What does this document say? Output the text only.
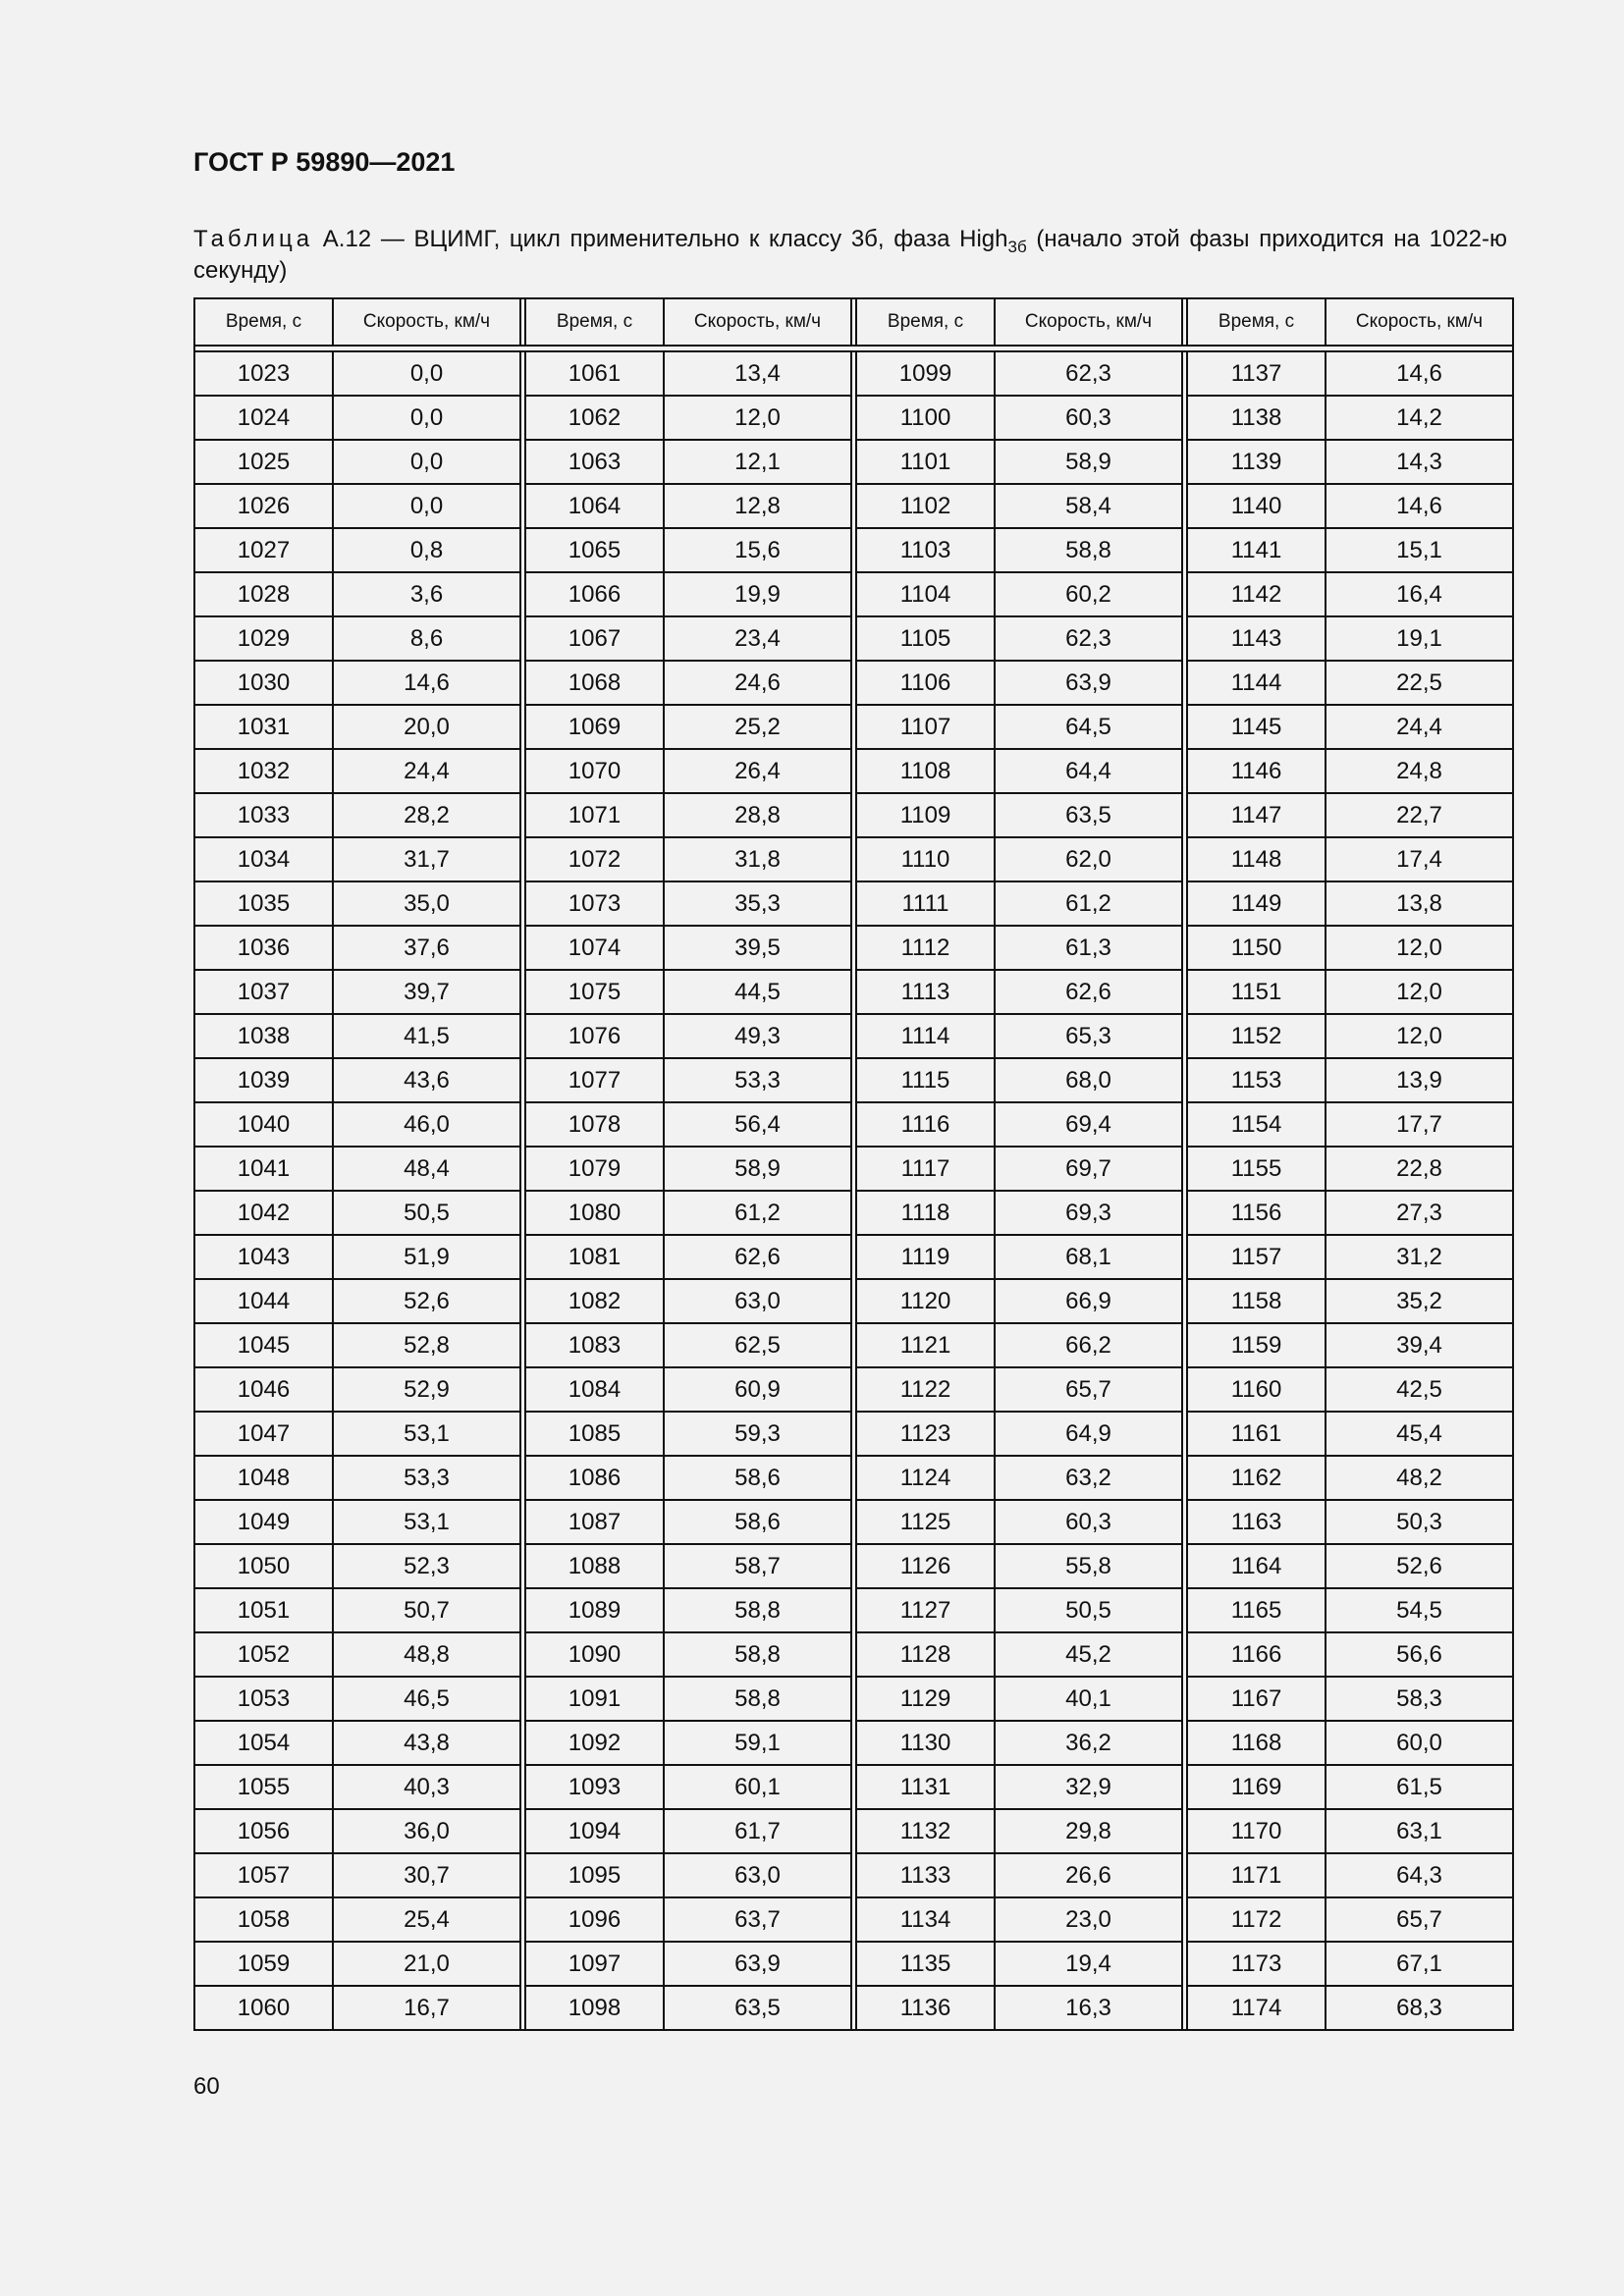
ГОСТ Р 59890—2021
Таблица А.12 — ВЦИМГ, цикл применительно к классу 3б, фаза High$_{3б}$ (начало этой фазы приходится на 1022-ю секунду)
Время, с	Скорость, км/ч		Время, с	Скорость, км/ч		Время, с	Скорость, км/ч		Время, с	Скорость, км/ч

1023	0,0		1061	13,4		1099	62,3		1137	14,6
1024	0,0		1062	12,0		1100	60,3		1138	14,2
1025	0,0		1063	12,1		1101	58,9		1139	14,3
1026	0,0		1064	12,8		1102	58,4		1140	14,6
1027	0,8		1065	15,6		1103	58,8		1141	15,1
1028	3,6		1066	19,9		1104	60,2		1142	16,4
1029	8,6		1067	23,4		1105	62,3		1143	19,1
1030	14,6		1068	24,6		1106	63,9		1144	22,5
1031	20,0		1069	25,2		1107	64,5		1145	24,4
1032	24,4		1070	26,4		1108	64,4		1146	24,8
1033	28,2		1071	28,8		1109	63,5		1147	22,7
1034	31,7		1072	31,8		1110	62,0		1148	17,4
1035	35,0		1073	35,3		1111	61,2		1149	13,8
1036	37,6		1074	39,5		1112	61,3		1150	12,0
1037	39,7		1075	44,5		1113	62,6		1151	12,0
1038	41,5		1076	49,3		1114	65,3		1152	12,0
1039	43,6		1077	53,3		1115	68,0		1153	13,9
1040	46,0		1078	56,4		1116	69,4		1154	17,7
1041	48,4		1079	58,9		1117	69,7		1155	22,8
1042	50,5		1080	61,2		1118	69,3		1156	27,3
1043	51,9		1081	62,6		1119	68,1		1157	31,2
1044	52,6		1082	63,0		1120	66,9		1158	35,2
1045	52,8		1083	62,5		1121	66,2		1159	39,4
1046	52,9		1084	60,9		1122	65,7		1160	42,5
1047	53,1		1085	59,3		1123	64,9		1161	45,4
1048	53,3		1086	58,6		1124	63,2		1162	48,2
1049	53,1		1087	58,6		1125	60,3		1163	50,3
1050	52,3		1088	58,7		1126	55,8		1164	52,6
1051	50,7		1089	58,8		1127	50,5		1165	54,5
1052	48,8		1090	58,8		1128	45,2		1166	56,6
1053	46,5		1091	58,8		1129	40,1		1167	58,3
1054	43,8		1092	59,1		1130	36,2		1168	60,0
1055	40,3		1093	60,1		1131	32,9		1169	61,5
1056	36,0		1094	61,7		1132	29,8		1170	63,1
1057	30,7		1095	63,0		1133	26,6		1171	64,3
1058	25,4		1096	63,7		1134	23,0		1172	65,7
1059	21,0		1097	63,9		1135	19,4		1173	67,1
1060	16,7		1098	63,5		1136	16,3		1174	68,3
60
